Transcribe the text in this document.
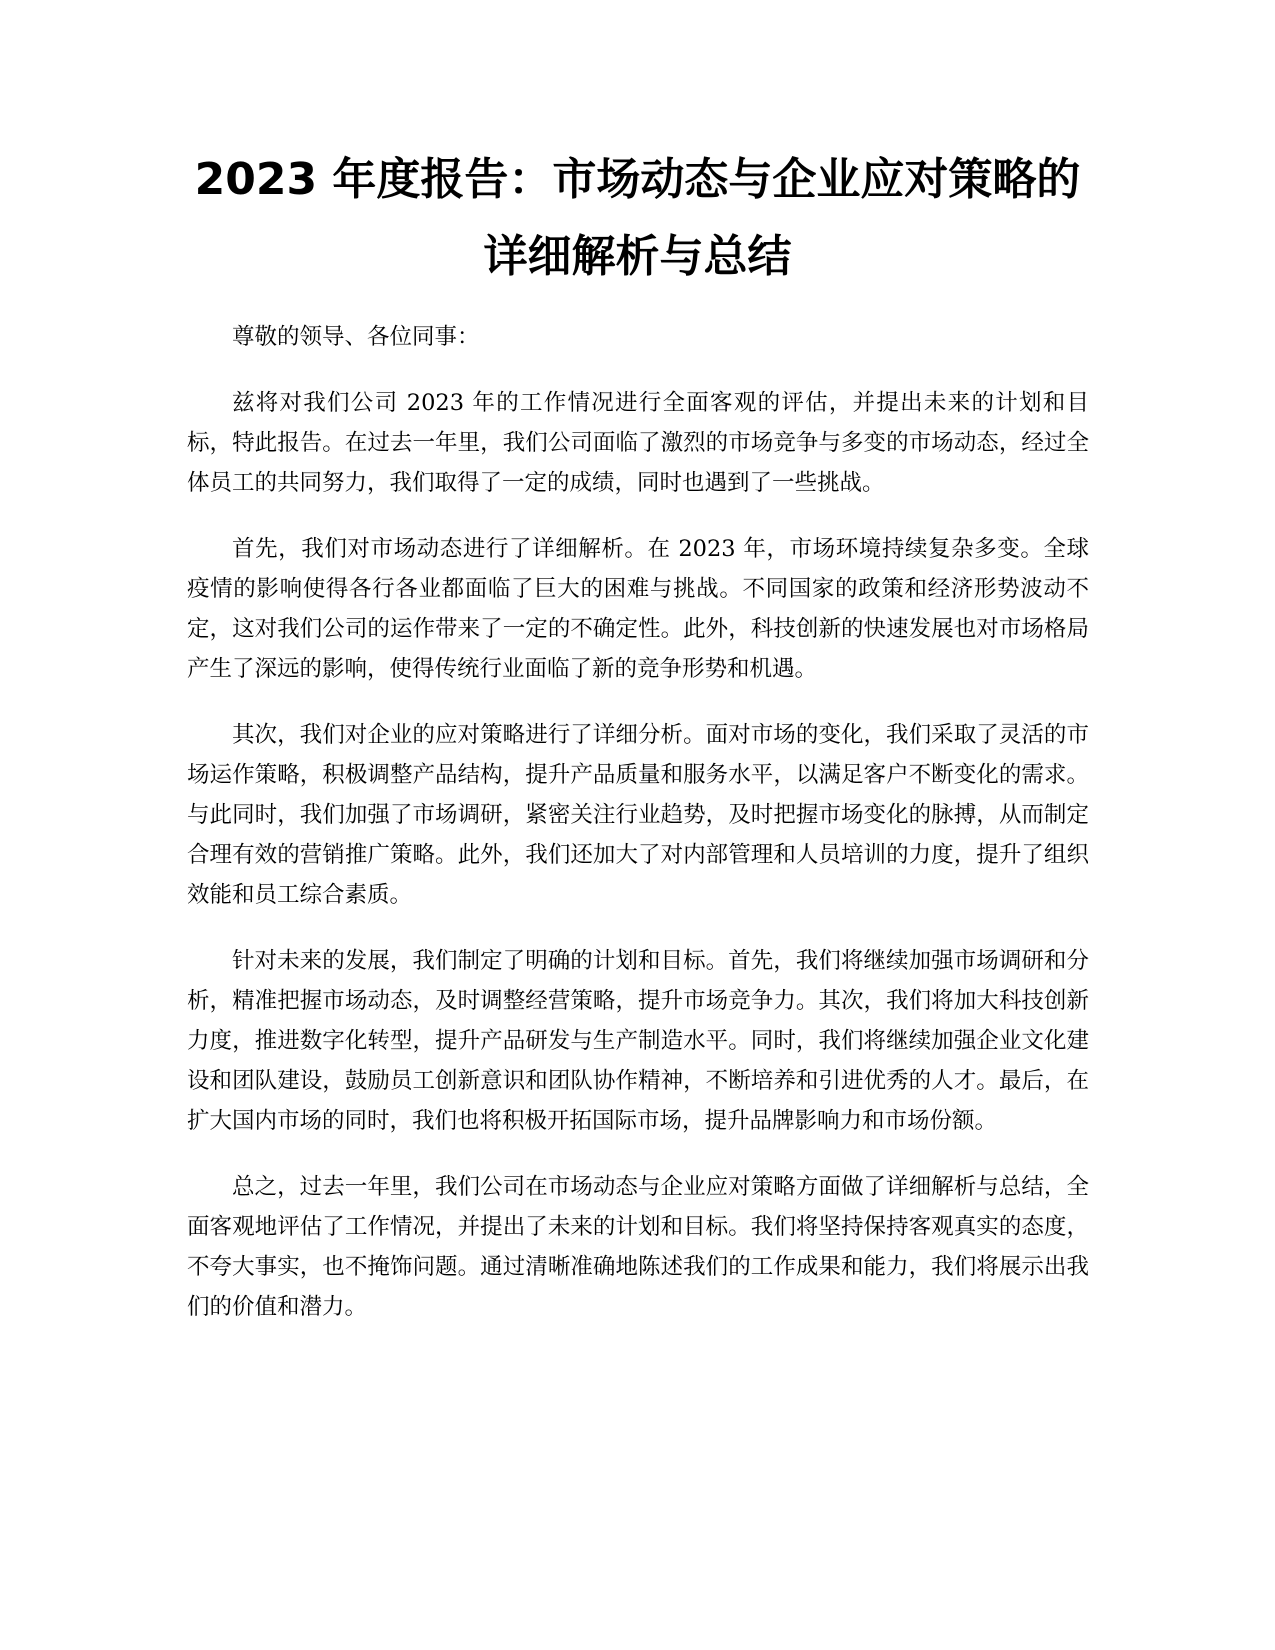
2023 年度报告：市场动态与企业应对策略的
详细解析与总结

尊敬的领导、各位同事：

兹将对我们公司 2023 年的工作情况进行全面客观的评估，并提出未来的计划和目标，特此报告。在过去一年里，我们公司面临了激烈的市场竞争与多变的市场动态，经过全体员工的共同努力，我们取得了一定的成绩，同时也遇到了一些挑战。

首先，我们对市场动态进行了详细解析。在 2023 年，市场环境持续复杂多变。全球疫情的影响使得各行各业都面临了巨大的困难与挑战。不同国家的政策和经济形势波动不定，这对我们公司的运作带来了一定的不确定性。此外，科技创新的快速发展也对市场格局产生了深远的影响，使得传统行业面临了新的竞争形势和机遇。

其次，我们对企业的应对策略进行了详细分析。面对市场的变化，我们采取了灵活的市场运作策略，积极调整产品结构，提升产品质量和服务水平，以满足客户不断变化的需求。与此同时，我们加强了市场调研，紧密关注行业趋势，及时把握市场变化的脉搏，从而制定合理有效的营销推广策略。此外，我们还加大了对内部管理和人员培训的力度，提升了组织效能和员工综合素质。

针对未来的发展，我们制定了明确的计划和目标。首先，我们将继续加强市场调研和分析，精准把握市场动态，及时调整经营策略，提升市场竞争力。其次，我们将加大科技创新力度，推进数字化转型，提升产品研发与生产制造水平。同时，我们将继续加强企业文化建设和团队建设，鼓励员工创新意识和团队协作精神，不断培养和引进优秀的人才。最后，在扩大国内市场的同时，我们也将积极开拓国际市场，提升品牌影响力和市场份额。

总之，过去一年里，我们公司在市场动态与企业应对策略方面做了详细解析与总结，全面客观地评估了工作情况，并提出了未来的计划和目标。我们将坚持保持客观真实的态度，不夸大事实，也不掩饰问题。通过清晰准确地陈述我们的工作成果和能力，我们将展示出我们的价值和潜力。
